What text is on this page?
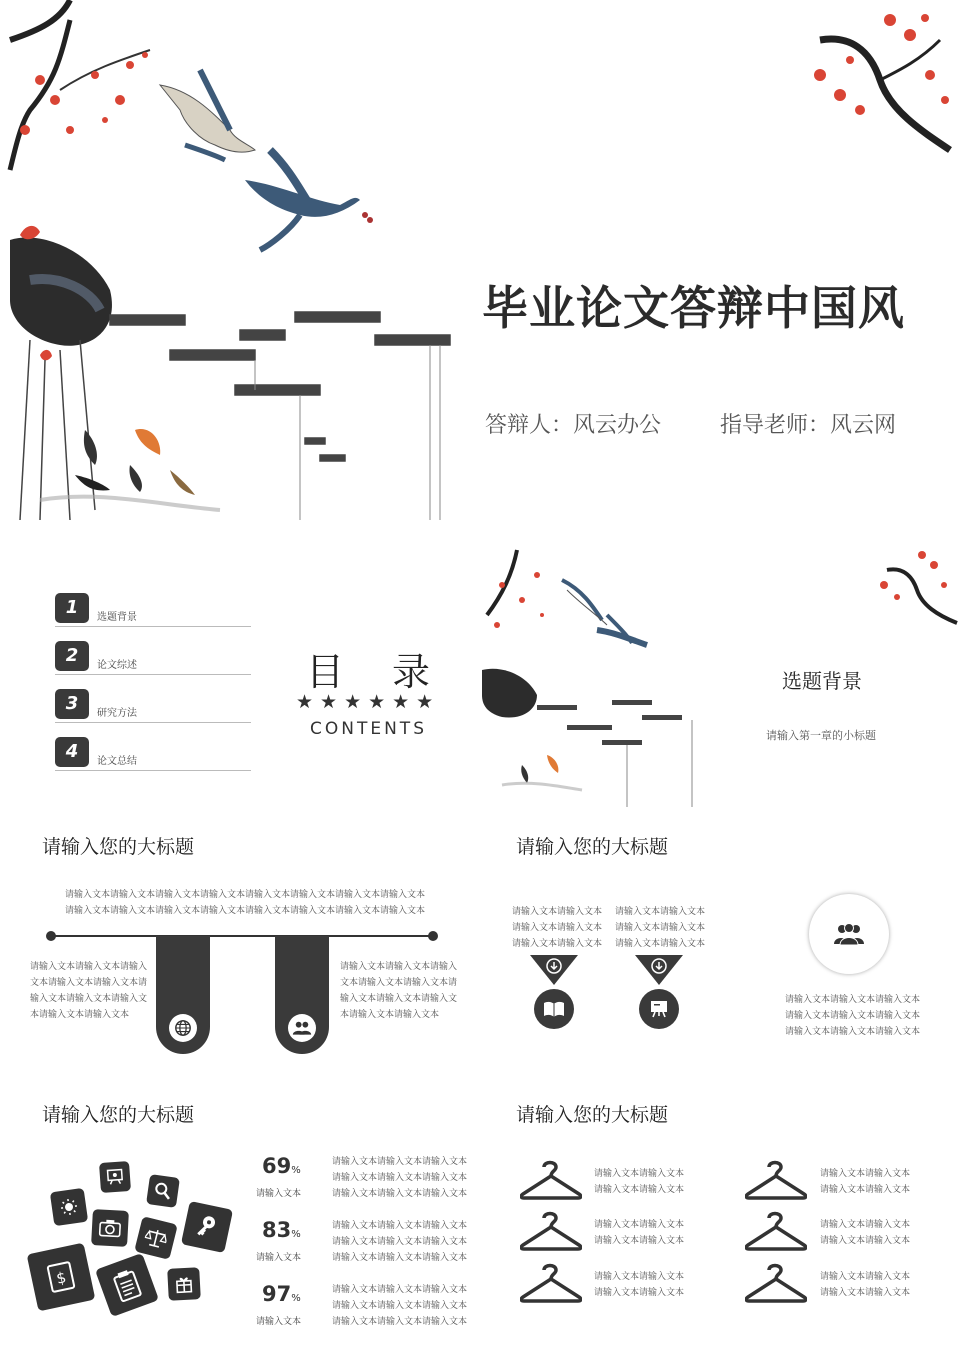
毕业论文答辩中国风
答辩人：风云办公	指导老师：风云网
1	选题背景
2	论文综述
3	研究方法
4	论文总结
目录
★★★★★★
CONTENTS
选题背景
请输入第一章的小标题
请输入您的大标题
请输入文本请输入文本请输入文本请输入文本请输入文本请输入文本请输入文本请输入文本
请输入文本请输入文本请输入文本请输入文本请输入文本请输入文本请输入文本请输入文本
请输入文本请输入文本请输入
文本请输入文本请输入文本请
输入文本请输入文本请输入文
本请输入文本请输入文本
请输入文本请输入文本请输入
文本请输入文本请输入文本请
输入文本请输入文本请输入文
本请输入文本请输入文本
请输入您的大标题
请输入文本请输入文本
请输入文本请输入文本
请输入文本请输入文本
请输入文本请输入文本
请输入文本请输入文本
请输入文本请输入文本
请输入文本请输入文本请输入文本
请输入文本请输入文本请输入文本
请输入文本请输入文本请输入文本
请输入您的大标题
$
69%
请输入文本
请输入文本请输入文本请输入文本
请输入文本请输入文本请输入文本
请输入文本请输入文本请输入文本
83%
请输入文本
请输入文本请输入文本请输入文本
请输入文本请输入文本请输入文本
请输入文本请输入文本请输入文本
97%
请输入文本
请输入文本请输入文本请输入文本
请输入文本请输入文本请输入文本
请输入文本请输入文本请输入文本
请输入您的大标题
请输入文本请输入文本
请输入文本请输入文本
请输入文本请输入文本
请输入文本请输入文本
请输入文本请输入文本
请输入文本请输入文本
请输入文本请输入文本
请输入文本请输入文本
请输入文本请输入文本
请输入文本请输入文本
请输入文本请输入文本
请输入文本请输入文本
